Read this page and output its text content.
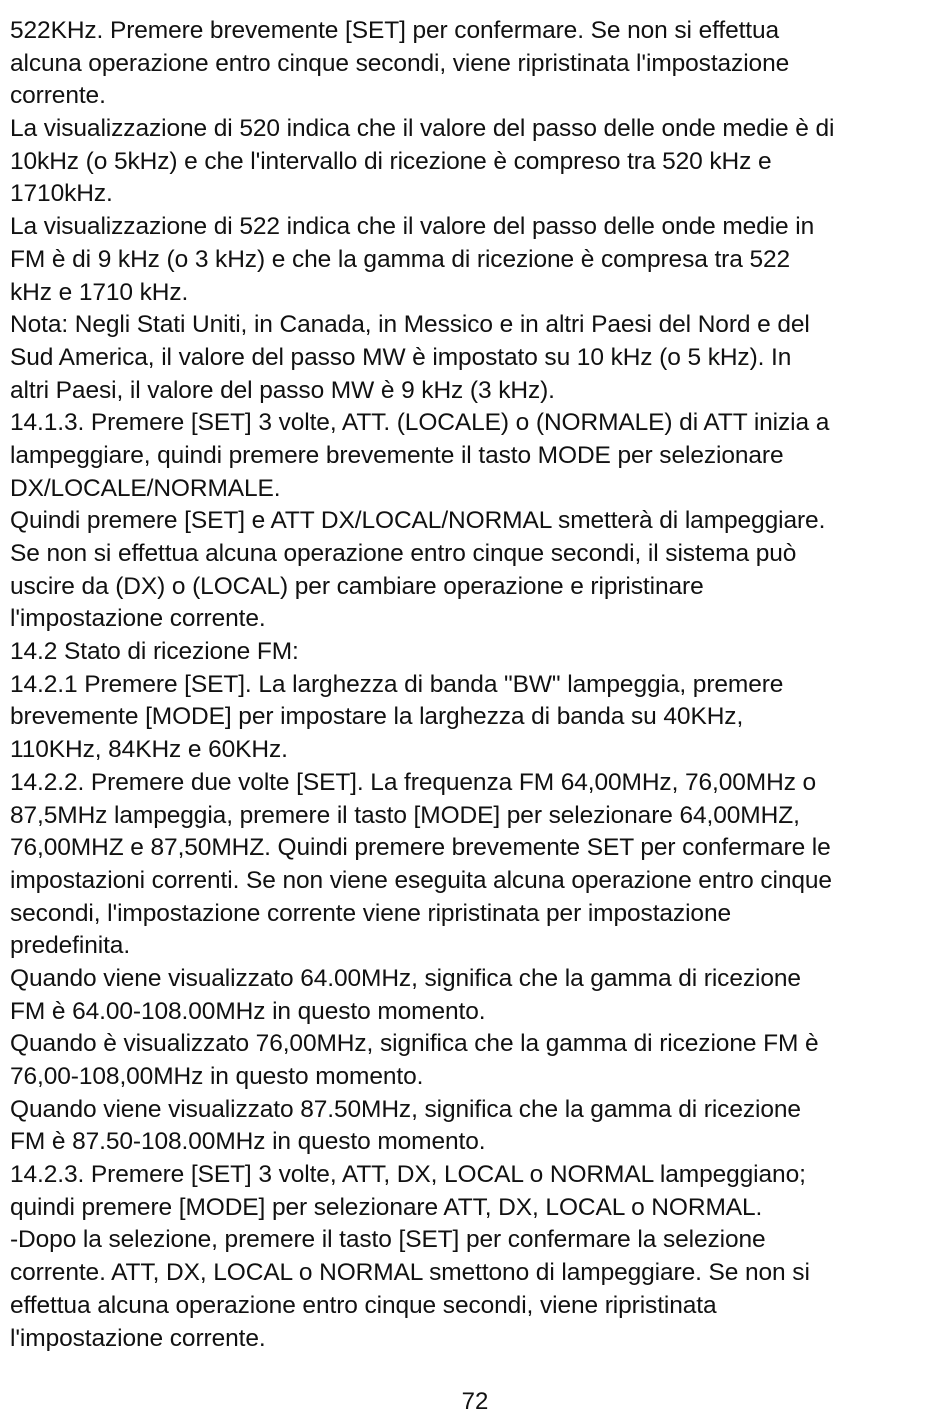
522KHz. Premere brevemente [SET] per confermare. Se non si effettua
alcuna operazione entro cinque secondi, viene ripristinata l'impostazione
corrente.
La visualizzazione di 520 indica che il valore del passo delle onde medie è di
10kHz (o 5kHz) e che l'intervallo di ricezione è compreso tra 520 kHz e
1710kHz.
La visualizzazione di 522 indica che il valore del passo delle onde medie in
FM è di 9 kHz (o 3 kHz) e che la gamma di ricezione è compresa tra 522
kHz e 1710 kHz.
Nota: Negli Stati Uniti, in Canada, in Messico e in altri Paesi del Nord e del
Sud America, il valore del passo MW è impostato su 10 kHz (o 5 kHz). In
altri Paesi, il valore del passo MW è 9 kHz (3 kHz).
14.1.3. Premere [SET] 3 volte, ATT. (LOCALE) o (NORMALE) di ATT inizia a
lampeggiare, quindi premere brevemente il tasto MODE per selezionare
DX/LOCALE/NORMALE.
Quindi premere [SET] e ATT DX/LOCAL/NORMAL smetterà di lampeggiare.
Se non si effettua alcuna operazione entro cinque secondi, il sistema può
uscire da (DX) o (LOCAL) per cambiare operazione e ripristinare
l'impostazione corrente.
14.2 Stato di ricezione FM:
14.2.1 Premere [SET]. La larghezza di banda "BW" lampeggia, premere
brevemente [MODE] per impostare la larghezza di banda su 40KHz,
110KHz, 84KHz e 60KHz.
14.2.2. Premere due volte [SET]. La frequenza FM 64,00MHz, 76,00MHz o
87,5MHz lampeggia, premere il tasto [MODE] per selezionare 64,00MHZ,
76,00MHZ e 87,50MHZ. Quindi premere brevemente SET per confermare le
impostazioni correnti. Se non viene eseguita alcuna operazione entro cinque
secondi, l'impostazione corrente viene ripristinata per impostazione
predefinita.
Quando viene visualizzato 64.00MHz, significa che la gamma di ricezione
FM è 64.00-108.00MHz in questo momento.
Quando è visualizzato 76,00MHz, significa che la gamma di ricezione FM è
76,00-108,00MHz in questo momento.
Quando viene visualizzato 87.50MHz, significa che la gamma di ricezione
FM è 87.50-108.00MHz in questo momento.
14.2.3. Premere [SET] 3 volte, ATT, DX, LOCAL o NORMAL lampeggiano;
quindi premere [MODE] per selezionare ATT, DX, LOCAL o NORMAL.
-Dopo la selezione, premere il tasto [SET] per confermare la selezione
corrente. ATT, DX, LOCAL o NORMAL smettono di lampeggiare. Se non si
effettua alcuna operazione entro cinque secondi, viene ripristinata
l'impostazione corrente.
72
